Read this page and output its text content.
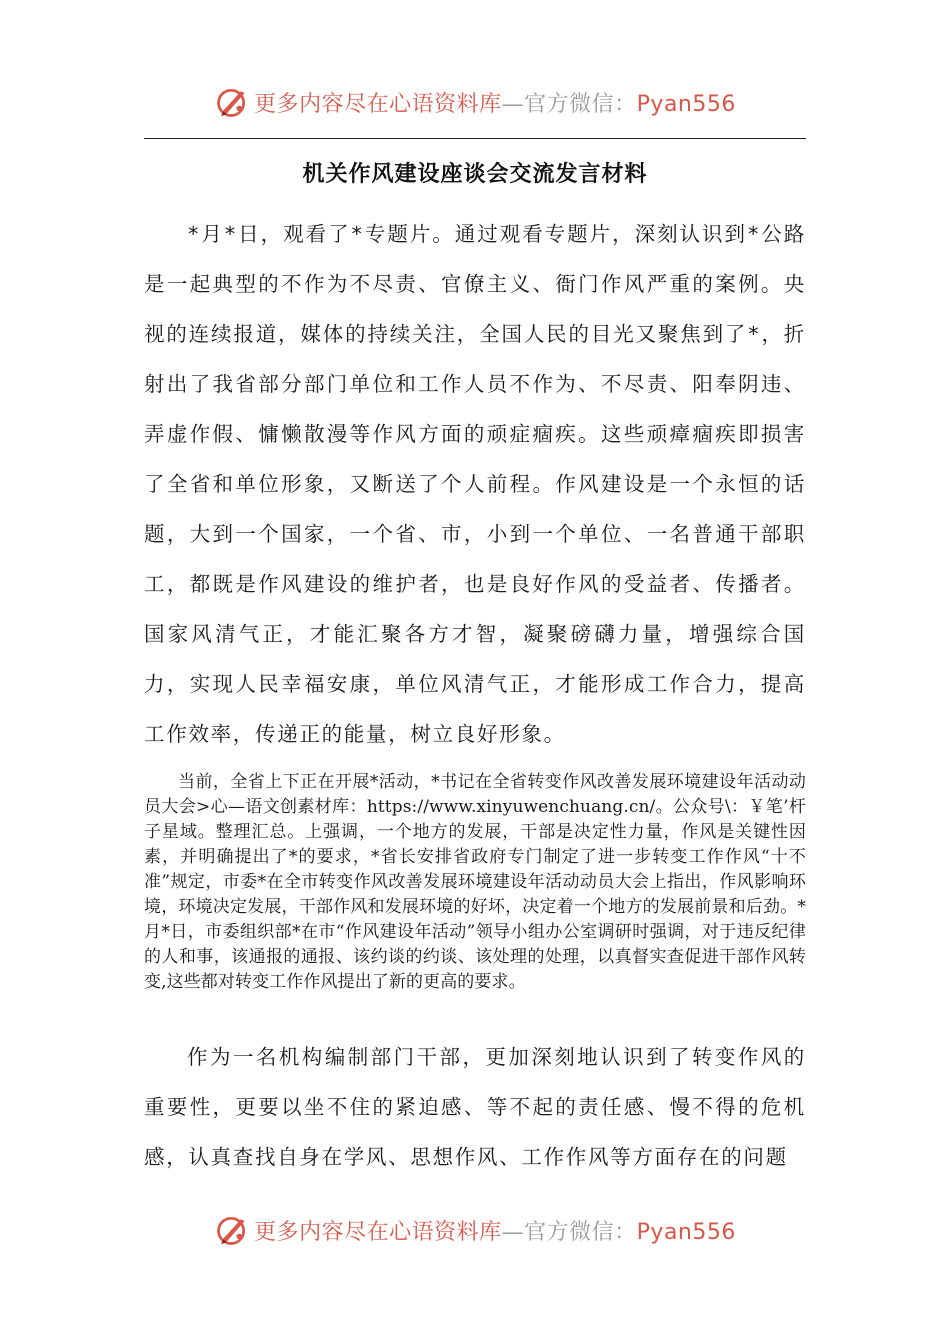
更多内容尽在心语资料库—官方微信：Pyan556
机关作风建设座谈会交流发言材料

*月*日，观看了*专题片。通过观看专题片，深刻认识到*公路是一起典型的不作为不尽责、官僚主义、衙门作风严重的案例。央视的连续报道，媒体的持续关注，全国人民的目光又聚焦到了*，折射出了我省部分部门单位和工作人员不作为、不尽责、阳奉阴违、弄虚作假、慵懒散漫等作风方面的顽症痼疾。这些顽瘴痼疾即损害了全省和单位形象，又断送了个人前程。作风建设是一个永恒的话题，大到一个国家，一个省、市，小到一个单位、一名普通干部职工，都既是作风建设的维护者，也是良好作风的受益者、传播者。国家风清气正，才能汇聚各方才智，凝聚磅礴力量，增强综合国力，实现人民幸福安康，单位风清气正，才能形成工作合力，提高工作效率，传递正的能量，树立良好形象。

当前，全省上下正在开展*活动，*书记在全省转变作风改善发展环境建设年活动动员大会>心—语文创素材库：https://www.xinyuwenchuang.cn/。公众号\：￥笔’杆子星域。整理汇总。上强调，一个地方的发展，干部是决定性力量，作风是关键性因素，并明确提出了*的要求，*省长安排省政府专门制定了进一步转变工作作风“十不准”规定，市委*在全市转变作风改善发展环境建设年活动动员大会上指出，作风影响环境，环境决定发展，干部作风和发展环境的好坏，决定着一个地方的发展前景和后劲。*月*日，市委组织部*在市“作风建设年活动”领导小组办公室调研时强调，对于违反纪律的人和事，该通报的通报、该约谈的约谈、该处理的处理，以真督实查促进干部作风转变,这些都对转变工作作风提出了新的更高的要求。

作为一名机构编制部门干部，更加深刻地认识到了转变作风的重要性，更要以坐不住的紧迫感、等不起的责任感、慢不得的危机感，认真查找自身在学风、思想作风、工作作风等方面存在的问题

更多内容尽在心语资料库—官方微信：Pyan556
